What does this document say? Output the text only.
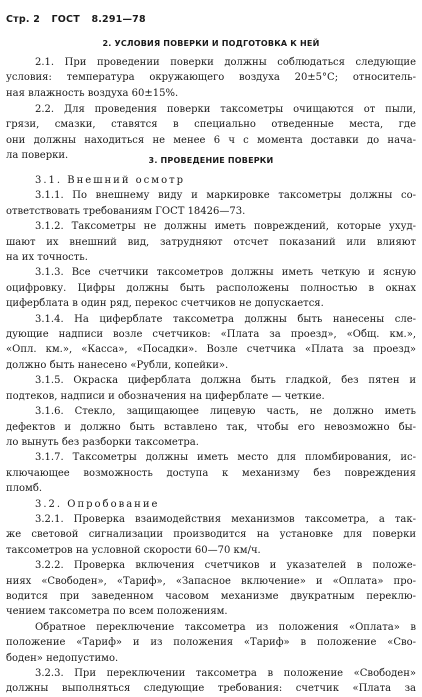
Стр. 2 ГОСТ 8.291—78
2. УСЛОВИЯ ПОВЕРКИ И ПОДГОТОВКА К НЕЙ
2.1. При проведении поверки должны соблюдаться следующие
условия: температура окружающего воздуха 20±5°C; относитель-
ная влажность воздуха 60±15%.
2.2. Для проведения поверки таксометры очищаются от пыли,
грязи, смазки, ставятся в специально отведенные места, где
они должны находиться не менее 6 ч с момента доставки до нача-
ла поверки.	3. ПРОВЕДЕНИЕ ПОВЕРКИ
3.1. Внешний осмотр
3.1.1. По внешнему виду и маркировке таксометры должны со-
ответствовать требованиям ГОСТ 18426—73.
3.1.2. Таксометры не должны иметь повреждений, которые ухуд-
шают их внешний вид, затрудняют отсчет показаний или влияют
на их точность.
3.1.3. Все счетчики таксометров должны иметь четкую и ясную
оцифровку. Цифры должны быть расположены полностью в окнах
циферблата в один ряд, перекос счетчиков не допускается.
3.1.4. На циферблате таксометра должны быть нанесены сле-
дующие надписи возле счетчиков: «Плата за проезд», «Общ. км.»,
«Опл. км.», «Касса», «Посадки». Возле счетчика «Плата за проезд»
должно быть нанесено «Рубли, копейки».
3.1.5. Окраска циферблата должна быть гладкой, без пятен и
подтеков, надписи и обозначения на циферблате — четкие.
3.1.6. Стекло, защищающее лицевую часть, не должно иметь
дефектов и должно быть вставлено так, чтобы его невозможно бы-
ло вынуть без разборки таксометра.
3.1.7. Таксометры должны иметь место для пломбирования, ис-
ключающее возможность доступа к механизму без повреждения
пломб.
3.2. Опробование
3.2.1. Проверка взаимодействия механизмов таксометра, а так-
же световой сигнализации производится на установке для поверки
таксометров на условной скорости 60—70 км/ч.
3.2.2. Проверка включения счетчиков и указателей в положе-
ниях «Свободен», «Тариф», «Запасное включение» и «Оплата» про-
водится при заведенном часовом механизме двукратным переклю-
чением таксометра по всем положениям.
Обратное переключение таксометра из положения «Оплата» в
положение «Тариф» и из положения «Тариф» в положение «Сво-
боден» недопустимо.
3.2.3. При переключении таксометра в положение «Свободен»
должны выполняться следующие требования: счетчик «Плата за
